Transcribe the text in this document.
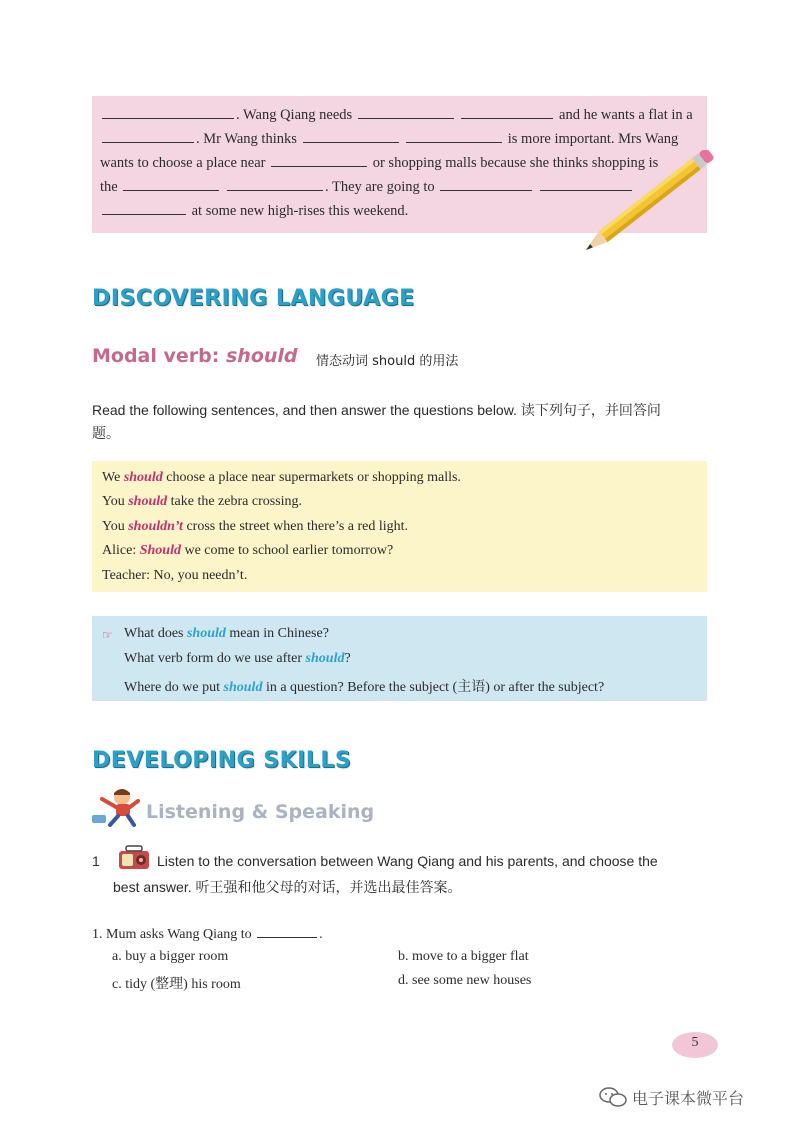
. Wang Qiang needs	and he wants a flat in a
. Mr Wang thinks	is more important. Mrs Wang
wants to choose a place near	or shopping malls because she thinks shopping is
the	. They are going to
at some new high-rises this weekend.
DISCOVERING LANGUAGE
Modal verb: should 情态动词 should 的用法
Read the following sentences, and then answer the questions below. 读下列句子，并回答问
题。
We should choose a place near supermarkets or shopping malls.
You should take the zebra crossing.
You shouldn’t cross the street when there’s a red light.
Alice: Should we come to school earlier tomorrow?
Teacher: No, you needn’t.
☞ What does should mean in Chinese?
What verb form do we use after should?
Where do we put should in a question? Before the subject (主语) or after the subject?
DEVELOPING SKILLS
Listening & Speaking
1	Listen to the conversation between Wang Qiang and his parents, and choose the
best answer. 听王强和他父母的对话，并选出最佳答案。
1. Mum asks Wang Qiang to	.
a. buy a bigger room	b. move to a bigger flat
c. tidy (整理) his room	d. see some new houses
5
电子课本微平台
